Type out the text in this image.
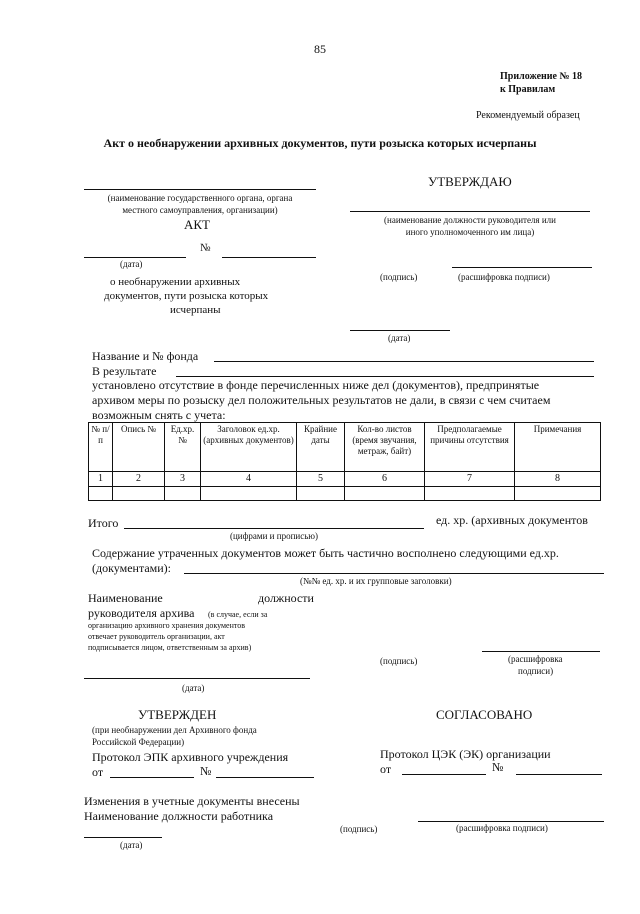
85
Приложение № 18
к Правилам
Рекомендуемый образец
Акт о необнаружении архивных документов, пути розыска которых исчерпаны
(наименование государственного органа, органа
местного самоуправления, организации)
АКТ
№
(дата)
о необнаружении архивных
документов, пути розыска которых
исчерпаны
УТВЕРЖДАЮ
(наименование должности руководителя или
иного уполномоченного им лица)
(подпись)	(расшифровка подписи)
(дата)
Название и № фонда
В результате
установлено отсутствие в фонде перечисленных ниже дел (документов), предпринятые
архивом меры по розыску дел положительных результатов не дали, в связи с чем считаем
возможным снять с учета:
№ п/п	Опись №	Ед.хр. №	Заголовок ед.хр. (архивных документов)	Крайние даты	Кол-во листов (время звучания, метраж, байт)	Предполагаемые причины отсутствия	Примечания
1	2	3	4	5	6	7	8

Итого	ед. хр. (архивных документов
(цифрами и прописью)
Содержание утраченных документов может быть частично восполнено следующими ед.хр.
(документами):
(№№ ед. хр. и их групповые заголовки)
Наименование	должности
руководителя архива (в случае, если за
организацию архивного хранения документов
отвечает руководитель организации, акт
подписывается лицом, ответственным за архив)
(подпись)	(расшифровка
подписи)
(дата)
УТВЕРЖДЕН
(при необнаружении дел Архивного фонда
Российской Федерации)
Протокол ЭПК архивного учреждения
от	№
СОГЛАСОВАНО
Протокол ЦЭК (ЭК) организации
от	№
Изменения в учетные документы внесены
Наименование должности работника
(подпись)	(расшифровка подписи)
(дата)
